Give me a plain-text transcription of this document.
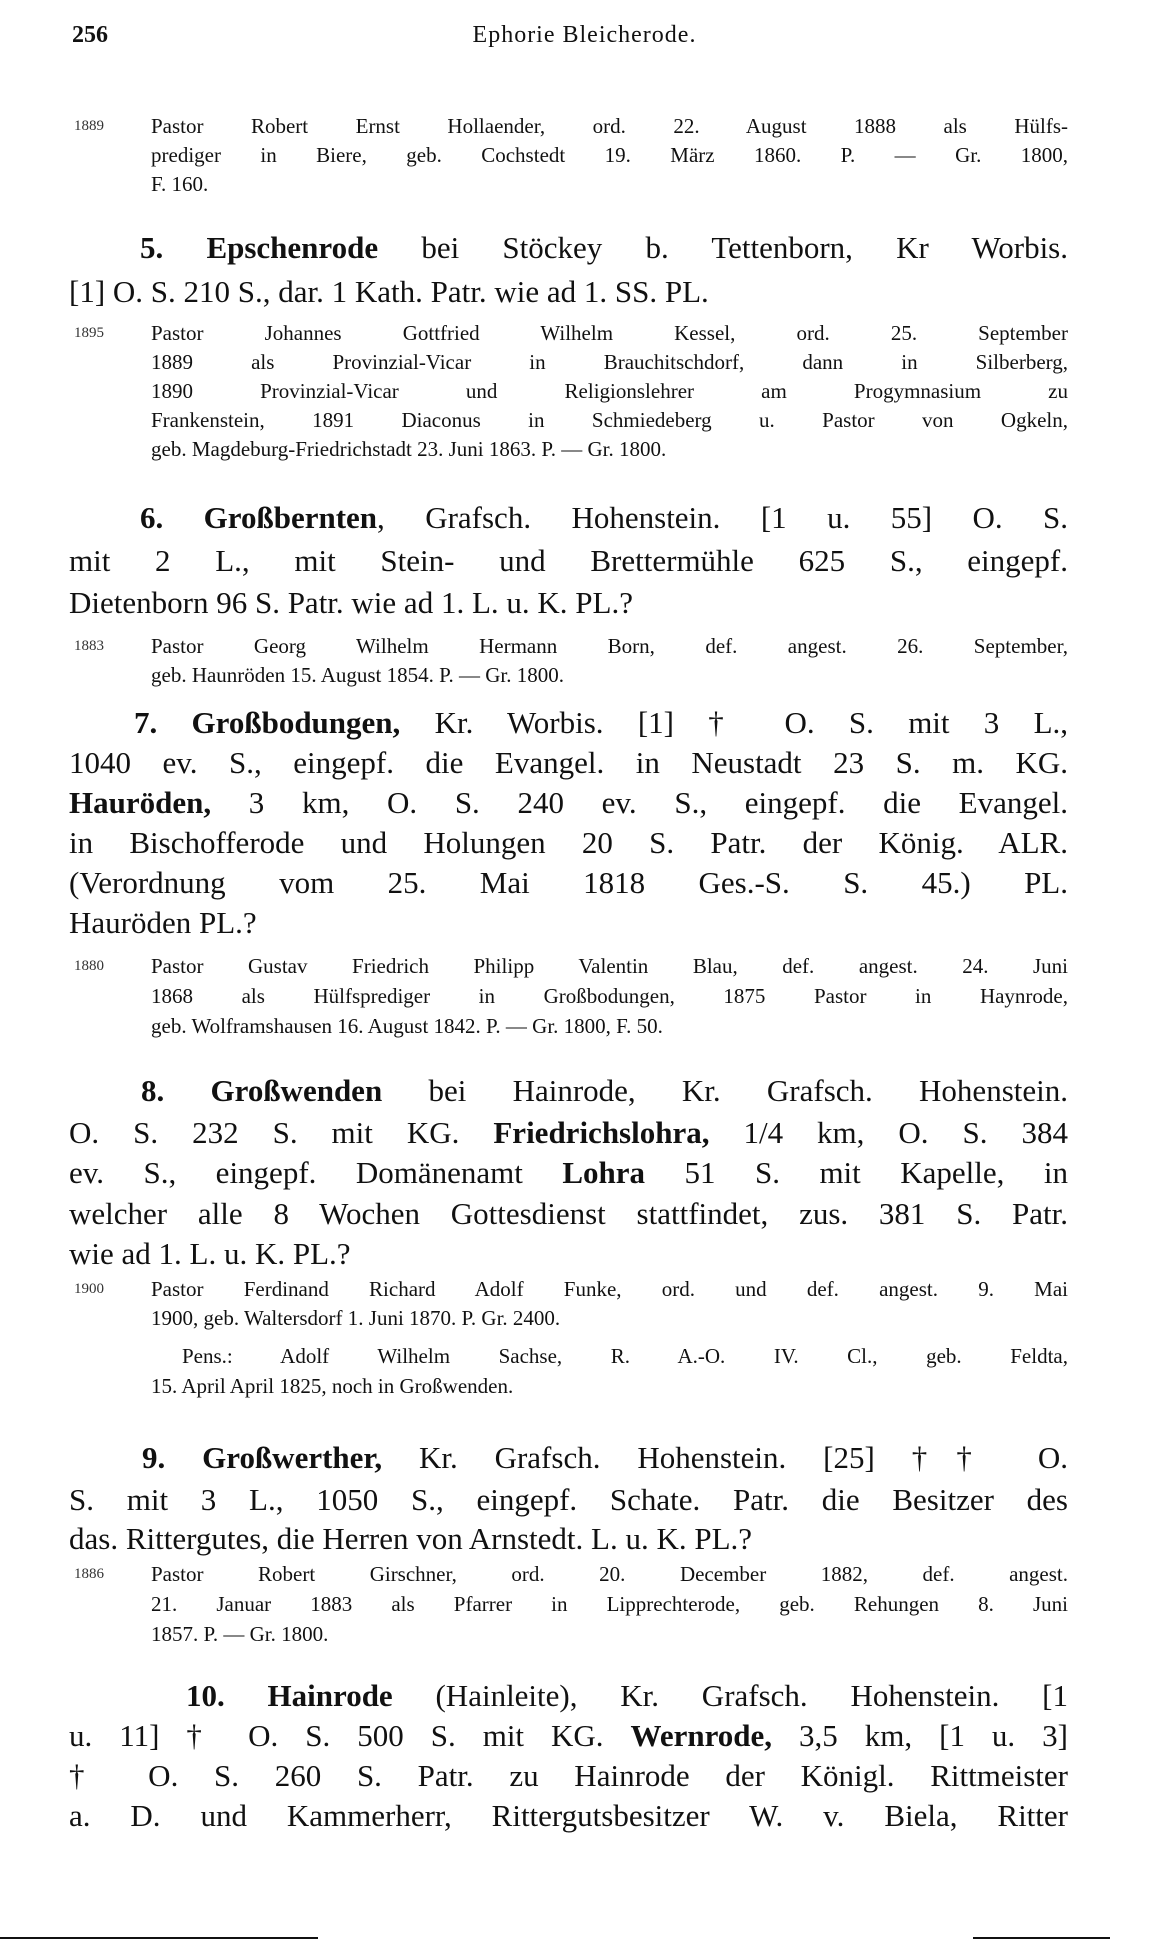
256	Ephorie Bleicherode.
1889 Pastor Robert Ernst Hollaender, ord. 22. August 1888 als Hülfs-
prediger in Biere, geb. Cochstedt 19. März 1860. P. — Gr. 1800,
F. 160.
5. Epschenrode bei Stöckey b. Tettenborn, Kr Worbis.
[1] O. S. 210 S., dar. 1 Kath. Patr. wie ad 1. SS. PL.
1895 Pastor Johannes Gottfried Wilhelm Kessel, ord. 25. September
1889 als Provinzial-Vicar in Brauchitschdorf, dann in Silberberg,
1890 Provinzial-Vicar und Religionslehrer am Progymnasium zu
Frankenstein, 1891 Diaconus in Schmiedeberg u. Pastor von Ogkeln,
geb. Magdeburg-Friedrichstadt 23. Juni 1863. P. — Gr. 1800.
6. Großbernten, Grafsch. Hohenstein. [1 u. 55] O. S.
mit 2 L., mit Stein- und Brettermühle 625 S., eingepf.
Dietenborn 96 S. Patr. wie ad 1. L. u. K. PL.?
1883 Pastor Georg Wilhelm Hermann Born, def. angest. 26. September,
geb. Haunröden 15. August 1854. P. — Gr. 1800.
7. Großbodungen, Kr. Worbis. [1] † O. S. mit 3 L.,
1040 ev. S., eingepf. die Evangel. in Neustadt 23 S. m. KG.
Hauröden, 3 km, O. S. 240 ev. S., eingepf. die Evangel.
in Bischofferode und Holungen 20 S. Patr. der König. ALR.
(Verordnung vom 25. Mai 1818 Ges.-S. S. 45.) PL.
Hauröden PL.?
1880 Pastor Gustav Friedrich Philipp Valentin Blau, def. angest. 24. Juni
1868 als Hülfsprediger in Großbodungen, 1875 Pastor in Haynrode,
geb. Wolframshausen 16. August 1842. P. — Gr. 1800, F. 50.
8. Großwenden bei Hainrode, Kr. Grafsch. Hohenstein.
O. S. 232 S. mit KG. Friedrichslohra, 1/4 km, O. S. 384
ev. S., eingepf. Domänenamt Lohra 51 S. mit Kapelle, in
welcher alle 8 Wochen Gottesdienst stattfindet, zus. 381 S. Patr.
wie ad 1. L. u. K. PL.?
1900 Pastor Ferdinand Richard Adolf Funke, ord. und def. angest. 9. Mai
1900, geb. Waltersdorf 1. Juni 1870. P. Gr. 2400.
Pens.: Adolf Wilhelm Sachse, R. A.-O. IV. Cl., geb. Feldta,
15. April April 1825, noch in Großwenden.
9. Großwerther, Kr. Grafsch. Hohenstein. [25] †† O.
S. mit 3 L., 1050 S., eingepf. Schate. Patr. die Besitzer des
das. Rittergutes, die Herren von Arnstedt. L. u. K. PL.?
1886 Pastor Robert Girschner, ord. 20. December 1882, def. angest.
21. Januar 1883 als Pfarrer in Lipprechterode, geb. Rehungen 8. Juni
1857. P. — Gr. 1800.
10. Hainrode (Hainleite), Kr. Grafsch. Hohenstein. [1
u. 11] † O. S. 500 S. mit KG. Wernrode, 3,5 km, [1 u. 3]
† O. S. 260 S. Patr. zu Hainrode der Königl. Rittmeister
a. D. und Kammerherr, Rittergutsbesitzer W. v. Biela, Ritter
